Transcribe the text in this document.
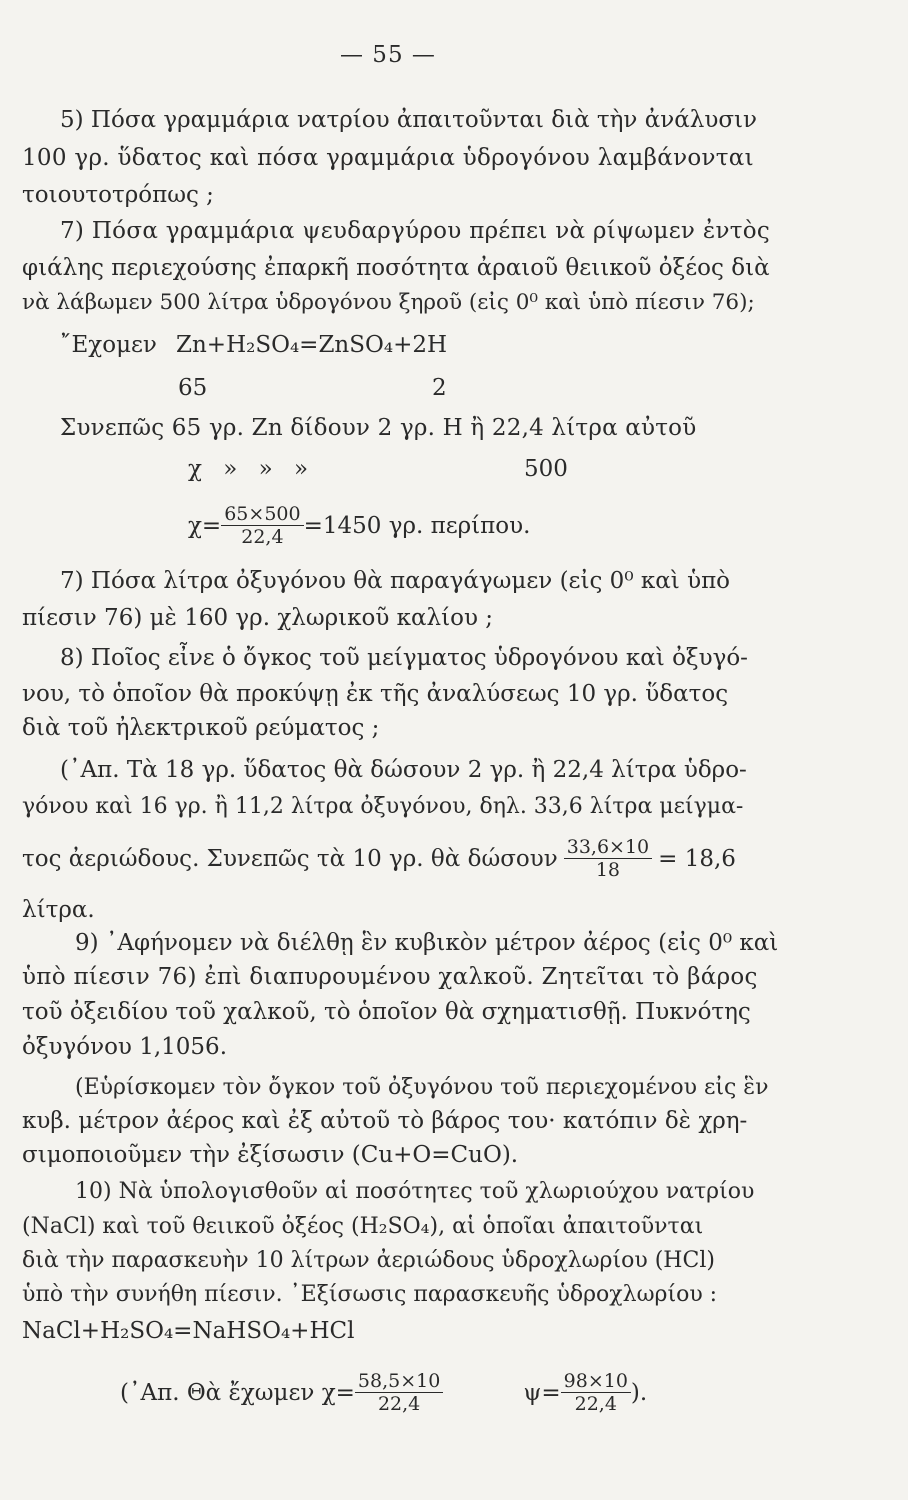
— 55 —
5) Πόσα γραμμάρια νατρίου ἀπαιτοῦνται διὰ τὴν ἀνάλυσιν
100 γρ. ὕδατος καὶ πόσα γραμμάρια ὑδρογόνου λαμβάνονται
τοιουτοτρόπως ;
7) Πόσα γραμμάρια ψευδαργύρου πρέπει νὰ ρίψωμεν ἐντὸς
φιάλης περιεχούσης ἐπαρκῆ ποσότητα ἀραιοῦ θειικοῦ ὀξέος διὰ
νὰ λάβωμεν 500 λίτρα ὑδρογόνου ξηροῦ (εἰς 0⁰ καὶ ὑπὸ πίεσιν 76);
῎Εχομεν Zn+H₂SO₄=ZnSO₄+2H
65	2
Συνεπῶς 65 γρ. Zn δίδουν 2 γρ. Η ἢ 22,4 λίτρα αὐτοῦ
χ » » »	500
$\chi= \frac{65\times 500}{22,4} =1450$ γρ. περίπου.
7) Πόσα λίτρα ὀξυγόνου θὰ παραγάγωμεν (εἰς 0⁰ καὶ ὑπὸ
πίεσιν 76) μὲ 160 γρ. χλωρικοῦ καλίου ;
8) Ποῖος εἶνε ὁ ὄγκος τοῦ μείγματος ὑδρογόνου καὶ ὀξυγό-
νου, τὸ ὁποῖον θὰ προκύψῃ ἐκ τῆς ἀναλύσεως 10 γρ. ὕδατος
διὰ τοῦ ἠλεκτρικοῦ ρεύματος ;
(᾿Απ. Τὰ 18 γρ. ὕδατος θὰ δώσουν 2 γρ. ἢ 22,4 λίτρα ὑδρο-
γόνου καὶ 16 γρ. ἢ 11,2 λίτρα ὀξυγόνου, δηλ. 33,6 λίτρα μείγμα-
τος ἀεριώδους. Συνεπῶς τὰ 10 γρ. θὰ δώσουν $\frac{33,6\times 10}{18} = 18,6$
λίτρα.
9) ᾿Αφήνομεν νὰ διέλθῃ ἓν κυβικὸν μέτρον ἀέρος (εἰς 0⁰ καὶ
ὑπὸ πίεσιν 76) ἐπὶ διαπυρουμένου χαλκοῦ. Ζητεῖται τὸ βάρος
τοῦ ὀξειδίου τοῦ χαλκοῦ, τὸ ὁποῖον θὰ σχηματισθῇ. Πυκνότης
ὀξυγόνου 1,1056.
(Εὑρίσκομεν τὸν ὄγκον τοῦ ὀξυγόνου τοῦ περιεχομένου εἰς ἓν
κυβ. μέτρον ἀέρος καὶ ἐξ αὐτοῦ τὸ βάρος του· κατόπιν δὲ χρη-
σιμοποιοῦμεν τὴν ἐξίσωσιν (Cu+O=CuO).
10) Νὰ ὑπολογισθοῦν αἱ ποσότητες τοῦ χλωριούχου νατρίου
(NaCl) καὶ τοῦ θειικοῦ ὀξέος (H₂SO₄), αἱ ὁποῖαι ἀπαιτοῦνται
διὰ τὴν παρασκευὴν 10 λίτρων ἀεριώδους ὑδροχλωρίου (HCl)
ὑπὸ τὴν συνήθη πίεσιν. ᾿Εξίσωσις παρασκευῆς ὑδροχλωρίου :
NaCl+H₂SO₄=NaHSO₄+HCl
(᾿Απ. Θὰ ἔχωμεν $\chi= \frac{58,5\times 10}{22,4}$	$\psi= \frac{98\times 10}{22,4}$ ).
